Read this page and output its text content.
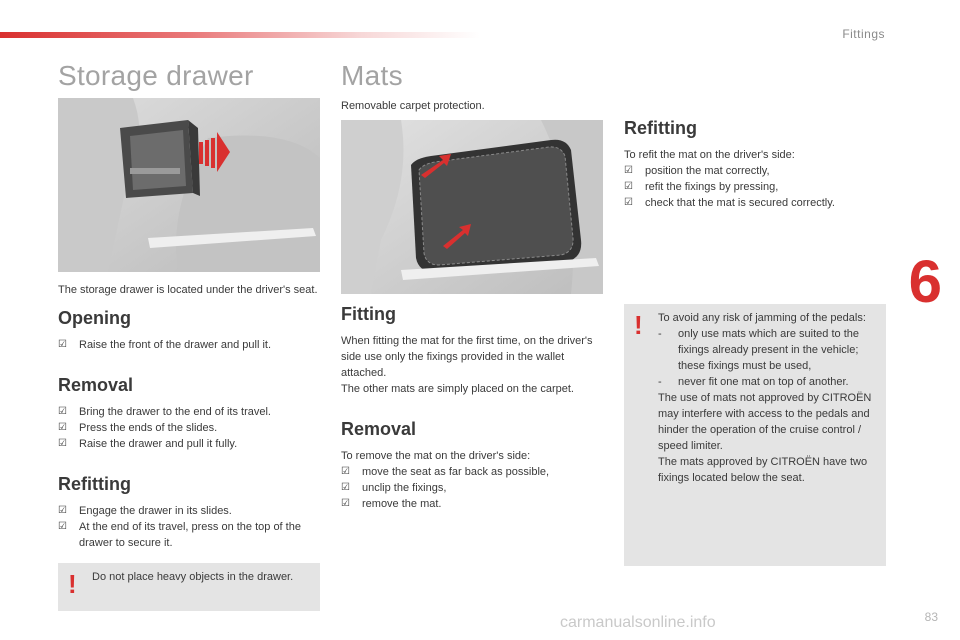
Fittings
6
83
carmanualsonline.info
Storage drawer

The storage drawer is located under the driver's seat.

Opening
☑ Raise the front of the drawer and pull it.
Removal
☑ Bring the drawer to the end of its travel.
☑ Press the ends of the slides.
☑ Raise the drawer and pull it fully.
Refitting
☑ Engage the drawer in its slides.
☑ At the end of its travel, press on the top of the drawer to secure it.
! Do not place heavy objects in the drawer.

Mats

Removable carpet protection.

Fitting

When fitting the mat for the first time, on the driver's side use only the fixings provided in the wallet attached.

The other mats are simply placed on the carpet.

Removal

To remove the mat on the driver's side:

☑ move the seat as far back as possible,
☑ unclip the fixings,
☑ remove the mat.
Refitting

To refit the mat on the driver's side:

☑ position the mat correctly,
☑ refit the fixings by pressing,
☑ check that the mat is secured correctly.
! To avoid any risk of jamming of the pedals:

- only use mats which are suited to the fixings already present in the vehicle; these fixings must be used,
- never fit one mat on top of another.

The use of mats not approved by CITROËN may interfere with access to the pedals and hinder the operation of the cruise control / speed limiter.

The mats approved by CITROËN have two fixings located below the seat.
